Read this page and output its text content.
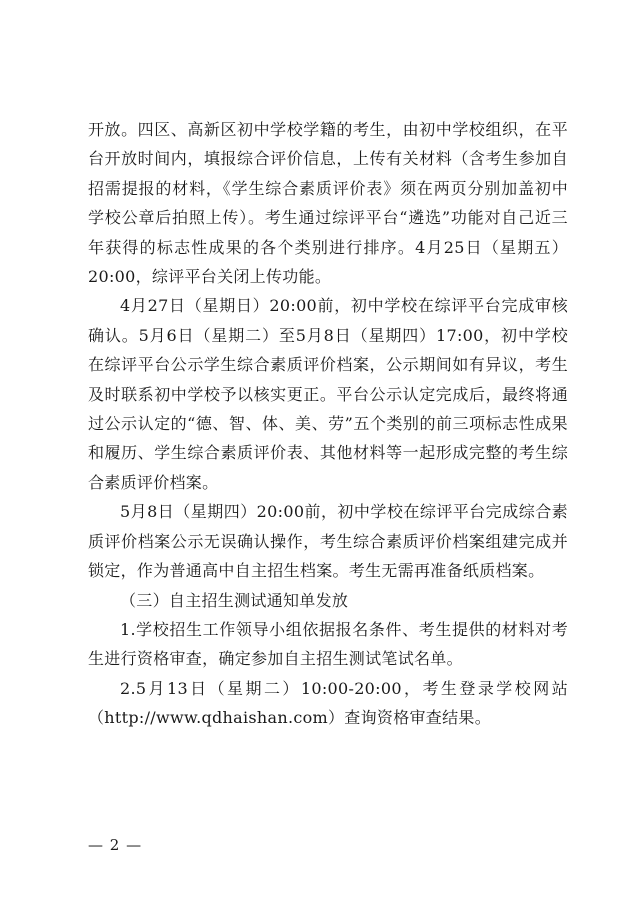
开放。四区、高新区初中学校学籍的考生，由初中学校组织，在平台开放时间内，填报综合评价信息，上传有关材料（含考生参加自招需提报的材料，《学生综合素质评价表》须在两页分别加盖初中学校公章后拍照上传）。考生通过综评平台“遴选”功能对自己近三年获得的标志性成果的各个类别进行排序。4月25日（星期五）20:00，综评平台关闭上传功能。

4月27日（星期日）20:00前，初中学校在综评平台完成审核确认。5月6日（星期二）至5月8日（星期四）17:00，初中学校在综评平台公示学生综合素质评价档案，公示期间如有异议，考生及时联系初中学校予以核实更正。平台公示认定完成后，最终将通过公示认定的“德、智、体、美、劳”五个类别的前三项标志性成果和履历、学生综合素质评价表、其他材料等一起形成完整的考生综合素质评价档案。

5月8日（星期四）20:00前，初中学校在综评平台完成综合素质评价档案公示无误确认操作，考生综合素质评价档案组建完成并锁定，作为普通高中自主招生档案。考生无需再准备纸质档案。

（三）自主招生测试通知单发放

1.学校招生工作领导小组依据报名条件、考生提供的材料对考生进行资格审查，确定参加自主招生测试笔试名单。

2.5月13日（星期二）10:00-20:00，考生登录学校网站（http://www.qdhaishan.com）查询资格审查结果。

— 2 —
